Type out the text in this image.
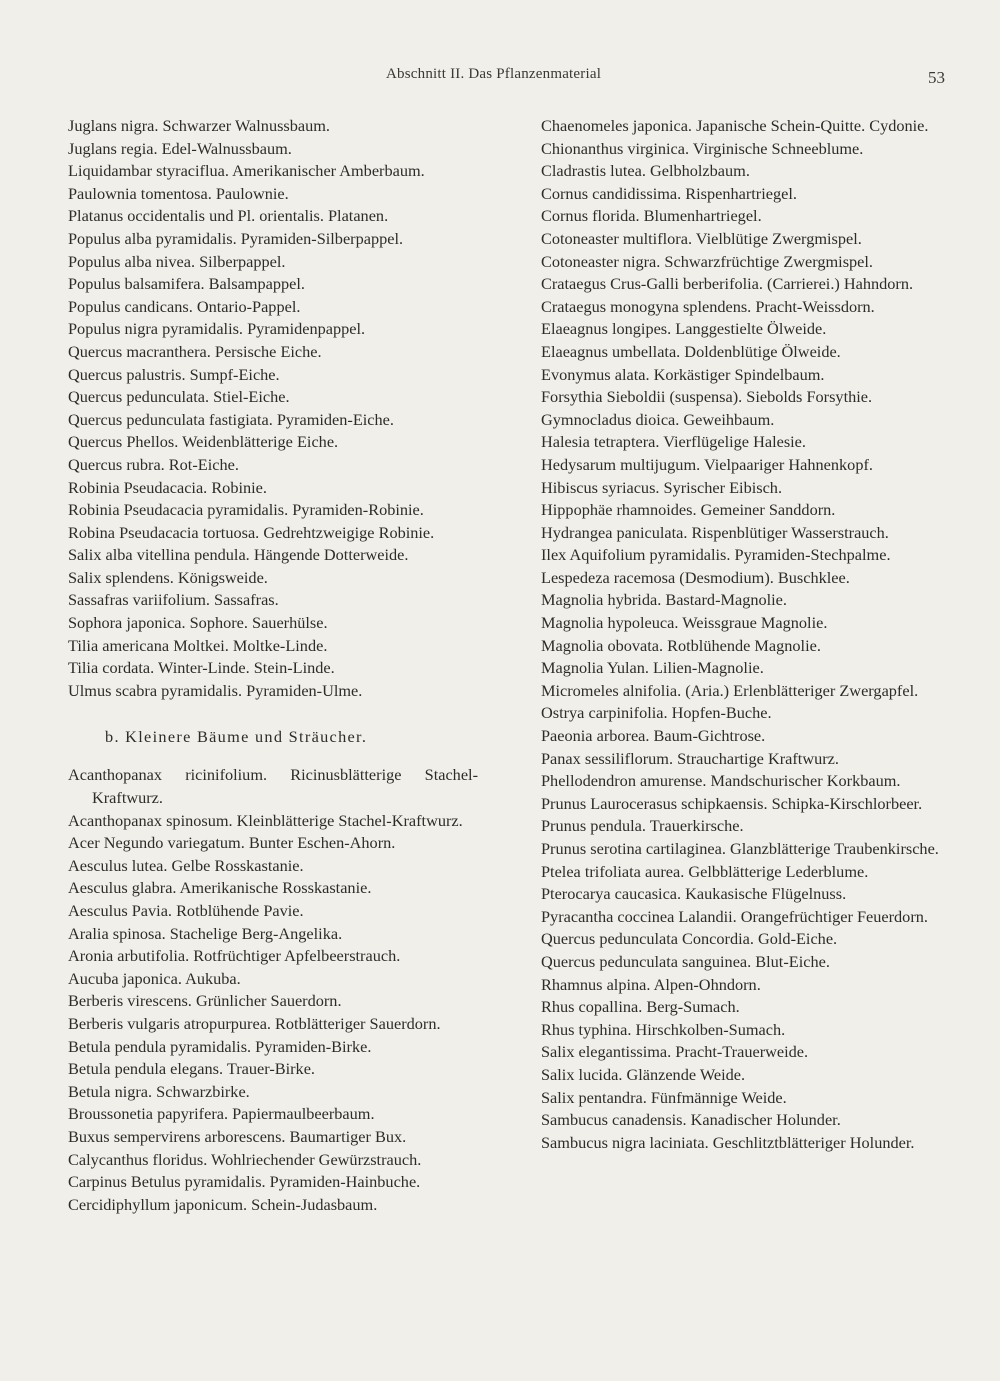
Abschnitt II. Das Pflanzenmaterial	53
Juglans nigra. Schwarzer Walnussbaum.
Juglans regia. Edel-Walnussbaum.
Liquidambar styraciflua. Amerikanischer Amberbaum.
Paulownia tomentosa. Paulownie.
Platanus occidentalis und Pl. orientalis. Platanen.
Populus alba pyramidalis. Pyramiden-Silberpappel.
Populus alba nivea. Silberpappel.
Populus balsamifera. Balsampappel.
Populus candicans. Ontario-Pappel.
Populus nigra pyramidalis. Pyramidenpappel.
Quercus macranthera. Persische Eiche.
Quercus palustris. Sumpf-Eiche.
Quercus pedunculata. Stiel-Eiche.
Quercus pedunculata fastigiata. Pyramiden-Eiche.
Quercus Phellos. Weidenblätterige Eiche.
Quercus rubra. Rot-Eiche.
Robinia Pseudacacia. Robinie.
Robinia Pseudacacia pyramidalis. Pyramiden-Robinie.
Robina Pseudacacia tortuosa. Gedrehtzweigige Robinie.
Salix alba vitellina pendula. Hängende Dotterweide.
Salix splendens. Königsweide.
Sassafras variifolium. Sassafras.
Sophora japonica. Sophore. Sauerhülse.
Tilia americana Moltkei. Moltke-Linde.
Tilia cordata. Winter-Linde. Stein-Linde.
Ulmus scabra pyramidalis. Pyramiden-Ulme.
b. Kleinere Bäume und Sträucher.
Acanthopanax ricinifolium. Ricinusblätterige Stachel-Kraftwurz.
Acanthopanax spinosum. Kleinblätterige Stachel-Kraftwurz.
Acer Negundo variegatum. Bunter Eschen-Ahorn.
Aesculus lutea. Gelbe Rosskastanie.
Aesculus glabra. Amerikanische Rosskastanie.
Aesculus Pavia. Rotblühende Pavie.
Aralia spinosa. Stachelige Berg-Angelika.
Aronia arbutifolia. Rotfrüchtiger Apfelbeerstrauch.
Aucuba japonica. Aukuba.
Berberis virescens. Grünlicher Sauerdorn.
Berberis vulgaris atropurpurea. Rotblätteriger Sauerdorn.
Betula pendula pyramidalis. Pyramiden-Birke.
Betula pendula elegans. Trauer-Birke.
Betula nigra. Schwarzbirke.
Broussonetia papyrifera. Papiermaulbeerbaum.
Buxus sempervirens arborescens. Baumartiger Bux.
Calycanthus floridus. Wohlriechender Gewürzstrauch.
Carpinus Betulus pyramidalis. Pyramiden-Hainbuche.
Cercidiphyllum japonicum. Schein-Judasbaum.
Chaenomeles japonica. Japanische Schein-Quitte. Cydonie.
Chionanthus virginica. Virginische Schneeblume.
Cladrastis lutea. Gelbholzbaum.
Cornus candidissima. Rispenhartriegel.
Cornus florida. Blumenhartriegel.
Cotoneaster multiflora. Vielblütige Zwergmispel.
Cotoneaster nigra. Schwarzfrüchtige Zwergmispel.
Crataegus Crus-Galli berberifolia. (Carrierei.) Hahndorn.
Crataegus monogyna splendens. Pracht-Weissdorn.
Elaeagnus longipes. Langgestielte Ölweide.
Elaeagnus umbellata. Doldenblütige Ölweide.
Evonymus alata. Korkästiger Spindelbaum.
Forsythia Sieboldii (suspensa). Siebolds Forsythie.
Gymnocladus dioica. Geweihbaum.
Halesia tetraptera. Vierflügelige Halesie.
Hedysarum multijugum. Vielpaariger Hahnenkopf.
Hibiscus syriacus. Syrischer Eibisch.
Hippophäe rhamnoides. Gemeiner Sanddorn.
Hydrangea paniculata. Rispenblütiger Wasserstrauch.
Ilex Aquifolium pyramidalis. Pyramiden-Stechpalme.
Lespedeza racemosa (Desmodium). Buschklee.
Magnolia hybrida. Bastard-Magnolie.
Magnolia hypoleuca. Weissgraue Magnolie.
Magnolia obovata. Rotblühende Magnolie.
Magnolia Yulan. Lilien-Magnolie.
Micromeles alnifolia. (Aria.) Erlenblätteriger Zwergapfel.
Ostrya carpinifolia. Hopfen-Buche.
Paeonia arborea. Baum-Gichtrose.
Panax sessiliflorum. Strauchartige Kraftwurz.
Phellodendron amurense. Mandschurischer Korkbaum.
Prunus Laurocerasus schipkaensis. Schipka-Kirschlorbeer.
Prunus pendula. Trauerkirsche.
Prunus serotina cartilaginea. Glanzblätterige Traubenkirsche.
Ptelea trifoliata aurea. Gelbblätterige Lederblume.
Pterocarya caucasica. Kaukasische Flügelnuss.
Pyracantha coccinea Lalandii. Orangefrüchtiger Feuerdorn.
Quercus pedunculata Concordia. Gold-Eiche.
Quercus pedunculata sanguinea. Blut-Eiche.
Rhamnus alpina. Alpen-Ohndorn.
Rhus copallina. Berg-Sumach.
Rhus typhina. Hirschkolben-Sumach.
Salix elegantissima. Pracht-Trauerweide.
Salix lucida. Glänzende Weide.
Salix pentandra. Fünfmännige Weide.
Sambucus canadensis. Kanadischer Holunder.
Sambucus nigra laciniata. Geschlitztblätteriger Holunder.
